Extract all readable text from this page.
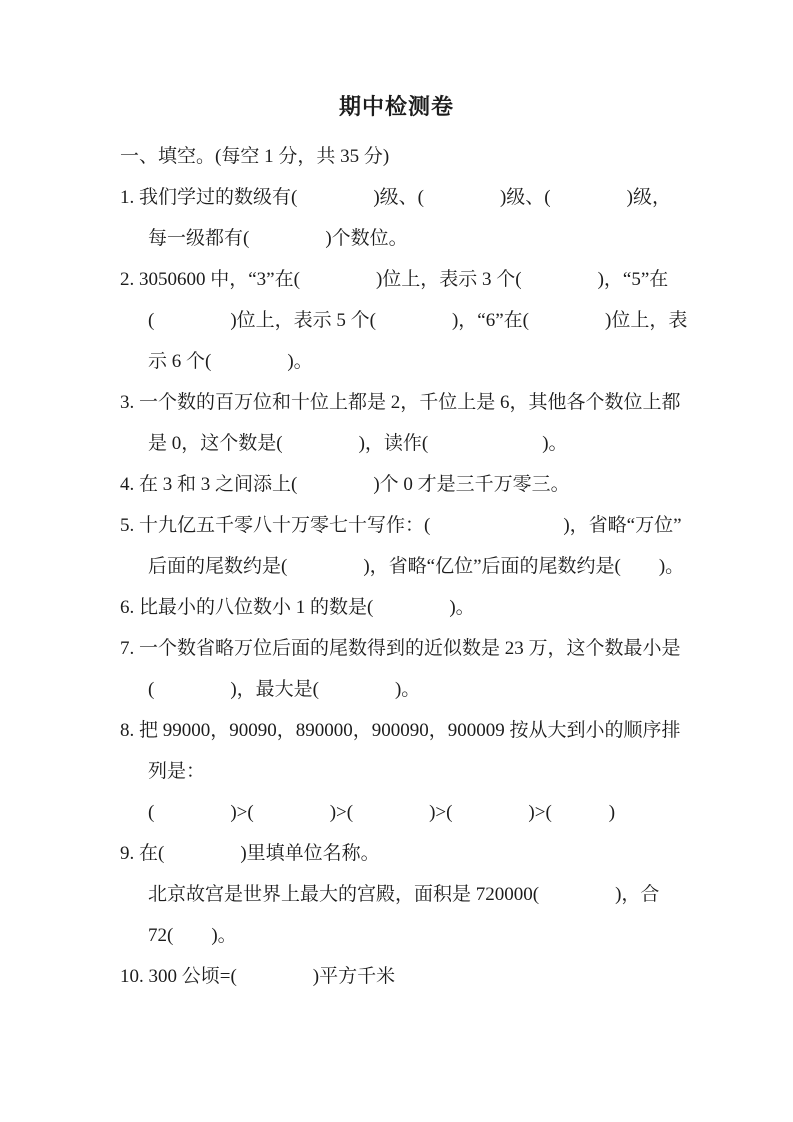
期中检测卷
一、填空。(每空 1 分，共 35 分)
1. 我们学过的数级有(　　　　)级、(　　　　)级、(　　　　)级，
每一级都有(　　　　)个数位。
2. 3050600 中，“3”在(　　　　)位上，表示 3 个(　　　　)，“5”在
(　　　　)位上，表示 5 个(　　　　)，“6”在(　　　　)位上，表
示 6 个(　　　　)。
3. 一个数的百万位和十位上都是 2，千位上是 6，其他各个数位上都
是 0，这个数是(　　　　)，读作(　　　　　　)。
4. 在 3 和 3 之间添上(　　　　)个 0 才是三千万零三。
5. 十九亿五千零八十万零七十写作：(　　　　　　　)，省略“万位”
后面的尾数约是(　　　　)，省略“亿位”后面的尾数约是(　　)。
6. 比最小的八位数小 1 的数是(　　　　)。
7. 一个数省略万位后面的尾数得到的近似数是 23 万，这个数最小是
(　　　　)，最大是(　　　　)。
8. 把 99000，90090，890000，900090，900009 按从大到小的顺序排
列是：
(　　　　)>(　　　　)>(　　　　)>(　　　　)>(　　　)
9. 在(　　　　)里填单位名称。
北京故宫是世界上最大的宫殿，面积是 720000(　　　　)，合
72(　　)。
10. 300 公顷=(　　　　)平方千米
